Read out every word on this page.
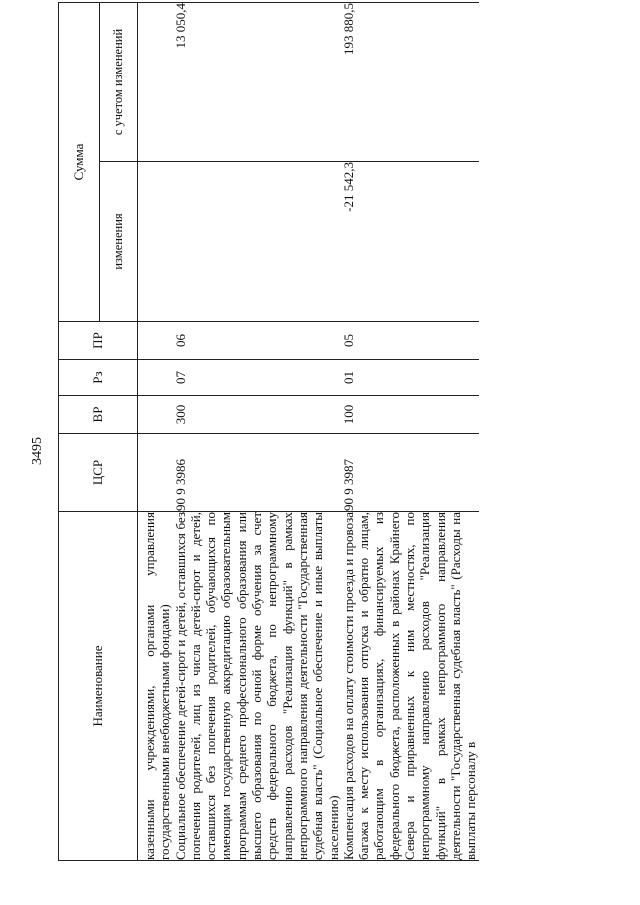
3495
Наименование	ЦСР	ВР	Рз	ПР	Сумма	
					изменения	с учетом изменений
казенными учреждениями, органами управления государственными внебюджетными фондами)						
Социальное обеспечение детей-сирот и детей, оставшихся без попечения родителей, лиц из числа детей-сирот и детей, оставшихся без попечения родителей, обучающихся по имеющим государственную аккредитацию образовательным программам среднего профессионального образования или высшего образования по очной форме обучения за счет средств федерального бюджета, по непрограммному направлению расходов "Реализация функций" в рамках непрограммного направления деятельности "Государственная судебная власть" (Социальное обеспечение и иные выплаты населению)	90 9 3986	300	07	06		13 050,4
Компенсация расходов на оплату стоимости проезда и провоза багажа к месту использования отпуска и обратно лицам, работающим в организациях, финансируемых из федерального бюджета, расположенных в районах Крайнего Севера и приравненных к ним местностях, по непрограммному направлению расходов "Реализация функций" в рамках непрограммного направления деятельности "Государственная судебная власть" (Расходы на выплаты персоналу в	90 9 3987	100	01	05	-21 542,3	193 880,5
